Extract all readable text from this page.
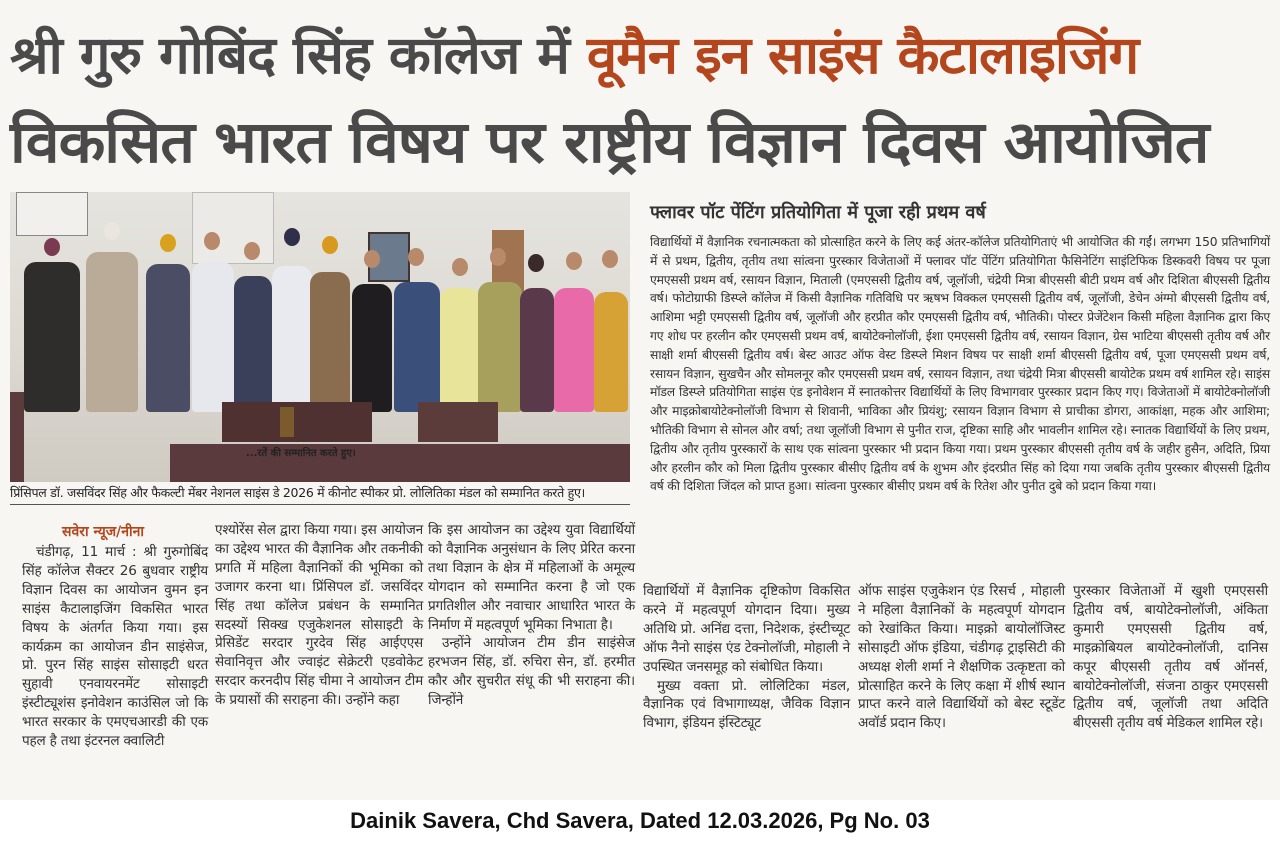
श्री गुरु गोबिंद सिंह कॉलेज में वूमैन इन साइंस कैटालाइजिंग
विकसित भारत विषय पर राष्ट्रीय विज्ञान दिवस आयोजित
...रतें की सम्मानित करते हुए।
प्रिंसिपल डॉ. जसविंदर सिंह और फैकल्टी मेंबर नेशनल साइंस डे 2026 में कीनोट स्पीकर प्रो. लोलितिका मंडल को सम्मानित करते हुए।
फ्लावर पॉट पेंटिंग प्रतियोगिता में पूजा रही प्रथम वर्ष
विद्यार्थियों में वैज्ञानिक रचनात्मकता को प्रोत्साहित करने के लिए कई अंतर-कॉलेज प्रतियोगिताएं भी आयोजित की गईं। लगभग 150 प्रतिभागियों में से प्रथम, द्वितीय, तृतीय तथा सांत्वना पुरस्कार विजेताओं में फ्लावर पॉट पेंटिंग प्रतियोगिता फैसिनेटिंग साइंटिफिक डिस्कवरी विषय पर पूजा एमएससी प्रथम वर्ष, रसायन विज्ञान, मिताली (एमएससी द्वितीय वर्ष, जूलॉजी, चंद्रेयी मित्रा बीएससी बीटी प्रथम वर्ष और दिशिता बीएससी द्वितीय वर्ष। फोटोग्राफी डिस्प्ले कॉलेज में किसी वैज्ञानिक गतिविधि पर ऋषभ विक्कल एमएससी द्वितीय वर्ष, जूलॉजी, डेचेन अंग्मो बीएससी द्वितीय वर्ष, आशिमा भट्टी एमएससी द्वितीय वर्ष, जूलॉजी और हरप्रीत कौर एमएससी द्वितीय वर्ष, भौतिकी। पोस्टर प्रेजेंटेशन किसी महिला वैज्ञानिक द्वारा किए गए शोध पर हरलीन कौर एमएससी प्रथम वर्ष, बायोटेक्नोलॉजी, ईशा एमएससी द्वितीय वर्ष, रसायन विज्ञान, ग्रेस भाटिया बीएससी तृतीय वर्ष और साक्षी शर्मा बीएससी द्वितीय वर्ष। बेस्ट आउट ऑफ वेस्ट डिस्प्ले मिशन विषय पर साक्षी शर्मा बीएससी द्वितीय वर्ष, पूजा एमएससी प्रथम वर्ष, रसायन विज्ञान, सुखचैन और सोमलनूर कौर एमएससी प्रथम वर्ष, रसायन विज्ञान, तथा चंद्रेयी मित्रा बीएससी बायोटेक प्रथम वर्ष शामिल रहे। साइंस मॉडल डिस्प्ले प्रतियोगिता साइंस एंड इनोवेशन में स्नातकोत्तर विद्यार्थियों के लिए विभागवार पुरस्कार प्रदान किए गए। विजेताओं में बायोटेक्नोलॉजी और माइक्रोबायोटेक्नोलॉजी विभाग से शिवानी, भाविका और प्रियंशु; रसायन विज्ञान विभाग से प्राचीका डोगरा, आकांक्षा, महक और आशिमा; भौतिकी विभाग से सोनल और वर्षा; तथा जूलॉजी विभाग से पुनीत राज, दृष्टिका साहि और भावलीन शामिल रहे। स्नातक विद्यार्थियों के लिए प्रथम, द्वितीय और तृतीय पुरस्कारों के साथ एक सांत्वना पुरस्कार भी प्रदान किया गया। प्रथम पुरस्कार बीएससी तृतीय वर्ष के जहीर हुसैन, अदिति, प्रिया और हरलीन कौर को मिला द्वितीय पुरस्कार बीसीए द्वितीय वर्ष के शुभम और इंदरप्रीत सिंह को दिया गया जबकि तृतीय पुरस्कार बीएससी द्वितीय वर्ष की दिशिता जिंदल को प्राप्त हुआ। सांत्वना पुरस्कार बीसीए प्रथम वर्ष के रितेश और पुनीत दुबे को प्रदान किया गया।
सवेरा न्यूज/नीना
चंडीगढ़, 11 मार्च : श्री गुरुगोबिंद सिंह कॉलेज सैक्टर 26 बुधवार राष्ट्रीय विज्ञान दिवस का आयोजन वुमन इन साइंस कैटालाइजिंग विकसित भारत विषय के अंतर्गत किया गया। इस कार्यक्रम का आयोजन डीन साइंसेज, प्रो. पुरन सिंह साइंस सोसाइटी धरत सुहावी एनवायरनमेंट सोसाइटी इंस्टीट्यूशंस इनोवेशन काउंसिल जो कि भारत सरकार के एमएचआरडी की एक पहल है तथा इंटरनल क्वालिटी
एश्योरेंस सेल द्वारा किया गया। इस आयोजन का उद्देश्य भारत की वैज्ञानिक और तकनीकी प्रगति में महिला वैज्ञानिकों की भूमिका को उजागर करना था। प्रिंसिपल डॉ. जसविंदर सिंह तथा कॉलेज प्रबंधन के सम्मानित सदस्यों सिक्ख एजुकेशनल सोसाइटी के प्रेसिडेंट सरदार गुरदेव सिंह आईएएस सेवानिवृत्त और ज्वाइंट सेक्रेटरी एडवोकेट सरदार करनदीप सिंह चीमा ने आयोजन टीम के प्रयासों की सराहना की। उन्होंने कहा
कि इस आयोजन का उद्देश्य युवा विद्यार्थियों को वैज्ञानिक अनुसंधान के लिए प्रेरित करना तथा विज्ञान के क्षेत्र में महिलाओं के अमूल्य योगदान को सम्मानित करना है जो एक प्रगतिशील और नवाचार आधारित भारत के निर्माण में महत्वपूर्ण भूमिका निभाता है।
उन्होंने आयोजन टीम डीन साइंसेज हरभजन सिंह, डॉ. रुचिरा सेन, डॉ. हरमीत कौर और सुचरीत संधू की भी सराहना की। जिन्होंने
विद्यार्थियों में वैज्ञानिक दृष्टिकोण विकसित करने में महत्वपूर्ण योगदान दिया। मुख्य अतिथि प्रो. अनिंद्य दत्ता, निदेशक, इंस्टीच्यूट ऑफ नैनो साइंस एंड टेक्नोलॉजी, मोहाली ने उपस्थित जनसमूह को संबोधित किया।
मुख्य वक्ता प्रो. लोलिटिका मंडल, वैज्ञानिक एवं विभागाध्यक्ष, जैविक विज्ञान विभाग, इंडियन इंस्टिट्यूट
ऑफ साइंस एजुकेशन एंड रिसर्च , मोहाली ने महिला वैज्ञानिकों के महत्वपूर्ण योगदान को रेखांकित किया। माइक्रो बायोलॉजिस्ट सोसाइटी ऑफ इंडिया, चंडीगढ़ ट्राइसिटी की अध्यक्ष शेली शर्मा ने शैक्षणिक उत्कृष्टता को प्रोत्साहित करने के लिए कक्षा में शीर्ष स्थान प्राप्त करने वाले विद्यार्थियों को बेस्ट स्टूडेंट अवॉर्ड प्रदान किए।
पुरस्कार विजेताओं में खुशी एमएससी द्वितीय वर्ष, बायोटेक्नोलॉजी, अंकिता कुमारी एमएससी द्वितीय वर्ष, माइक्रोबियल बायोटेक्नोलॉजी, दानिस कपूर बीएससी तृतीय वर्ष ऑनर्स, बायोटेक्नोलॉजी, संजना ठाकुर एमएससी द्वितीय वर्ष, जूलॉजी तथा अदिति बीएससी तृतीय वर्ष मेडिकल शामिल रहे।
Dainik Savera, Chd Savera, Dated 12.03.2026, Pg No. 03
